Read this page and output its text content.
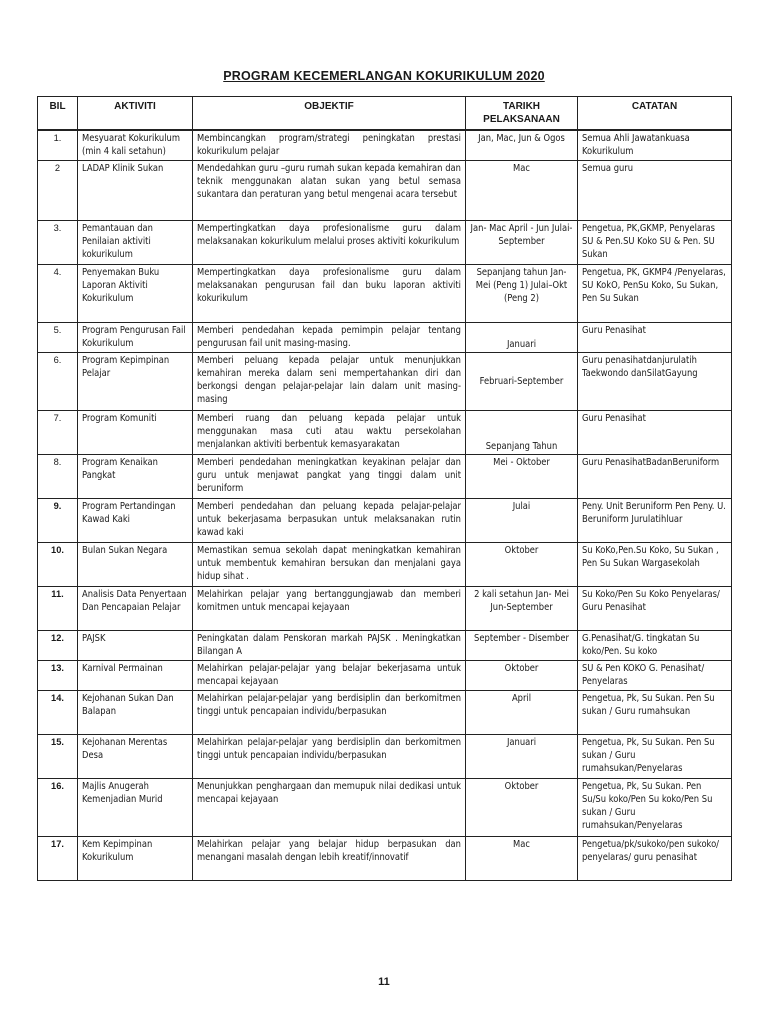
PROGRAM KECEMERLANGAN KOKURIKULUM 2020
BIL	AKTIVITI	OBJEKTIF	TARIKH PELAKSANAAN	CATATAN
1.	Mesyuarat Kokurikulum (min 4 kali setahun)	Membincangkan program/strategi peningkatan prestasi kokurikulum pelajar	Jan, Mac, Jun & Ogos	Semua Ahli Jawatankuasa Kokurikulum
2	LADAP Klinik Sukan	Mendedahkan guru –guru rumah sukan kepada kemahiran dan teknik menggunakan alatan sukan yang betul semasa sukantara dan peraturan yang betul mengenai acara tersebut	Mac	Semua guru
3.	Pemantauan dan Penilaian aktiviti kokurikulum	Mempertingkatkan daya profesionalisme guru dalam melaksanakan kokurikulum melalui proses aktiviti kokurikulum	Jan- Mac April - Jun Julai-September	Pengetua, PK,GKMP, Penyelaras SU & Pen.SU Koko SU & Pen. SU Sukan
4.	Penyemakan Buku Laporan Aktiviti Kokurikulum	Mempertingkatkan daya profesionalisme guru dalam melaksanakan pengurusan fail dan buku laporan aktiviti kokurikulum	Sepanjang tahun Jan- Mei (Peng 1) Julai–Okt (Peng 2)	Pengetua, PK, GKMP4 /Penyelaras, SU KokO, PenSu Koko, Su Sukan, Pen Su Sukan
5.	Program Pengurusan Fail Kokurikulum	Memberi pendedahan kepada pemimpin pelajar tentang pengurusan fail unit masing-masing.	Januari	Guru Penasihat
6.	Program Kepimpinan Pelajar	Memberi peluang kepada pelajar untuk menunjukkan kemahiran mereka dalam seni mempertahankan diri dan berkongsi dengan pelajar-pelajar lain dalam unit masing-masing	Februari-September	Guru penasihatdanjurulatih Taekwondo danSilatGayung
7.	Program Komuniti	Memberi ruang dan peluang kepada pelajar untuk menggunakan masa cuti atau waktu persekolahan menjalankan aktiviti berbentuk kemasyarakatan	Sepanjang Tahun	Guru Penasihat
8.	Program Kenaikan Pangkat	Memberi pendedahan meningkatkan keyakinan pelajar dan guru untuk menjawat pangkat yang tinggi dalam unit beruniform	Mei - Oktober	Guru PenasihatBadanBeruniform
9.	Program Pertandingan Kawad Kaki	Memberi pendedahan dan peluang kepada pelajar-pelajar untuk bekerjasama berpasukan untuk melaksanakan rutin kawad kaki	Julai	Peny. Unit Beruniform Pen Peny. U. Beruniform Jurulatihluar
10.	Bulan Sukan Negara	Memastikan semua sekolah dapat meningkatkan kemahiran untuk membentuk kemahiran bersukan dan menjalani gaya hidup sihat .	Oktober	Su KoKo,Pen.Su Koko, Su Sukan , Pen Su Sukan Wargasekolah
11.	Analisis Data Penyertaan Dan Pencapaian Pelajar	Melahirkan pelajar yang bertanggungjawab dan memberi komitmen untuk mencapai kejayaan	2 kali setahun Jan- Mei Jun-September	Su Koko/Pen Su Koko Penyelaras/ Guru Penasihat
12.	PAJSK	Peningkatan dalam Penskoran markah PAJSK . Meningkatkan Bilangan A	September - Disember	G.Penasihat/G. tingkatan Su koko/Pen. Su koko
13.	Karnival Permainan	Melahirkan pelajar-pelajar yang belajar bekerjasama untuk mencapai kejayaan	Oktober	SU & Pen KOKO G. Penasihat/ Penyelaras
14.	Kejohanan Sukan Dan Balapan	Melahirkan pelajar-pelajar yang berdisiplin dan berkomitmen tinggi untuk pencapaian individu/berpasukan	April	Pengetua, Pk, Su Sukan. Pen Su sukan / Guru rumahsukan
15.	Kejohanan Merentas Desa	Melahirkan pelajar-pelajar yang berdisiplin dan berkomitmen tinggi untuk pencapaian individu/berpasukan	Januari	Pengetua, Pk, Su Sukan. Pen Su sukan / Guru rumahsukan/Penyelaras
16.	Majlis Anugerah Kemenjadian Murid	Menunjukkan penghargaan dan memupuk nilai dedikasi untuk mencapai kejayaan	Oktober	Pengetua, Pk, Su Sukan. Pen Su/Su koko/Pen Su koko/Pen Su sukan / Guru rumahsukan/Penyelaras
17.	Kem Kepimpinan Kokurikulum	Melahirkan pelajar yang belajar hidup berpasukan dan menangani masalah dengan lebih kreatif/innovatif	Mac	Pengetua/pk/sukoko/pen sukoko/ penyelaras/ guru penasihat
11
